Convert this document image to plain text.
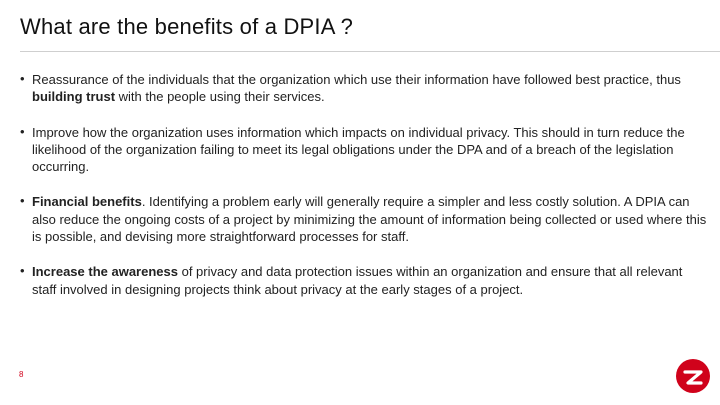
What are the benefits of a DPIA ?
• Reassurance of the individuals that the organization which use their information have followed best practice, thus building trust with the people using their services.
• Improve how the organization uses information which impacts on individual privacy. This should in turn reduce the likelihood of the organization failing to meet its legal obligations under the DPA and of a breach of the legislation occurring.
• Financial benefits. Identifying a problem early will generally require a simpler and less costly solution. A DPIA can also reduce the ongoing costs of a project by minimizing the amount of information being collected or used where this is possible, and devising more straightforward processes for staff.
• Increase the awareness of privacy and data protection issues within an organization and ensure that all relevant staff involved in designing projects think about privacy at the early stages of a project.
8
